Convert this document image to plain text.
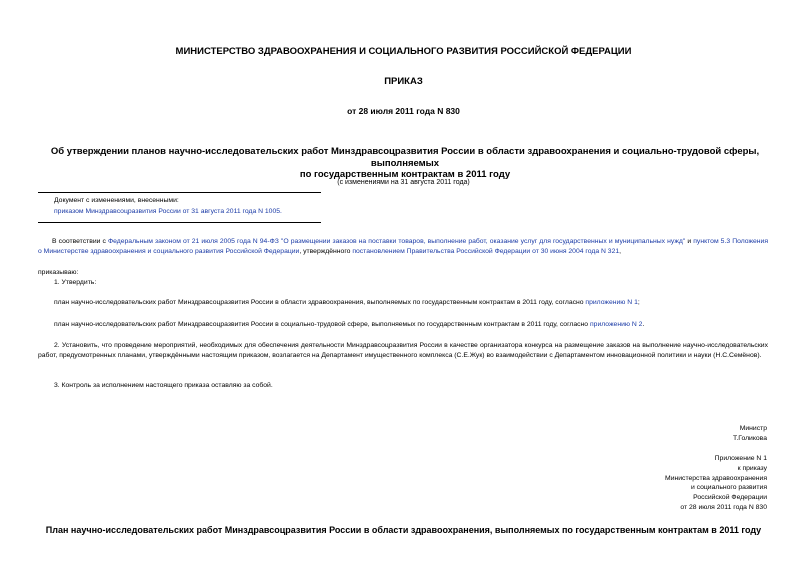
МИНИСТЕРСТВО ЗДРАВООХРАНЕНИЯ И СОЦИАЛЬНОГО РАЗВИТИЯ РОССИЙСКОЙ ФЕДЕРАЦИИ
ПРИКАЗ
от 28 июля 2011 года N 830
Об утверждении планов научно-исследовательских работ Минздравсоцразвития России в области здравоохранения и социально-трудовой сферы, выполняемых
по государственным контрактам в 2011 году
(с изменениями на 31 августа 2011 года)
Документ с изменениями, внесенными:
приказом Минздравсоцразвития России от 31 августа 2011 года N 1005.
В соответствии с Федеральным законом от 21 июля 2005 года N 94-ФЗ "О размещении заказов на поставки товаров, выполнение работ, оказание услуг для государственных и муниципальных нужд" и пунктом 5.3 Положения о Министерстве здравоохранения и социального развития Российской Федерации, утверждённого постановлением Правительства Российской Федерации от 30 июня 2004 года N 321,
приказываю:
1. Утвердить:
план научно-исследовательских работ Минздравсоцразвития России в области здравоохранения, выполняемых по государственным контрактам в 2011 году, согласно приложению N 1;
план научно-исследовательских работ Минздравсоцразвития России в социально-трудовой сфере, выполняемых по государственным контрактам в 2011 году, согласно приложению N 2.
2. Установить, что проведение мероприятий, необходимых для обеспечения деятельности Минздравсоцразвития России в качестве организатора конкурса на размещение заказов на выполнение научно-исследовательских работ, предусмотренных планами, утверждёнными настоящим приказом, возлагается на Департамент имущественного комплекса (С.Е.Жук) во взаимодействии с Департаментом инновационной политики и науки (Н.С.Семёнов).
3. Контроль за исполнением настоящего приказа оставляю за собой.
Министр
Т.Голикова
Приложение N 1
к приказу
Министерства здравоохранения
и социального развития
Российской Федерации
от 28 июля 2011 года N 830
План научно-исследовательских работ Минздравсоцразвития России в области здравоохранения, выполняемых по государственным контрактам в 2011 году
